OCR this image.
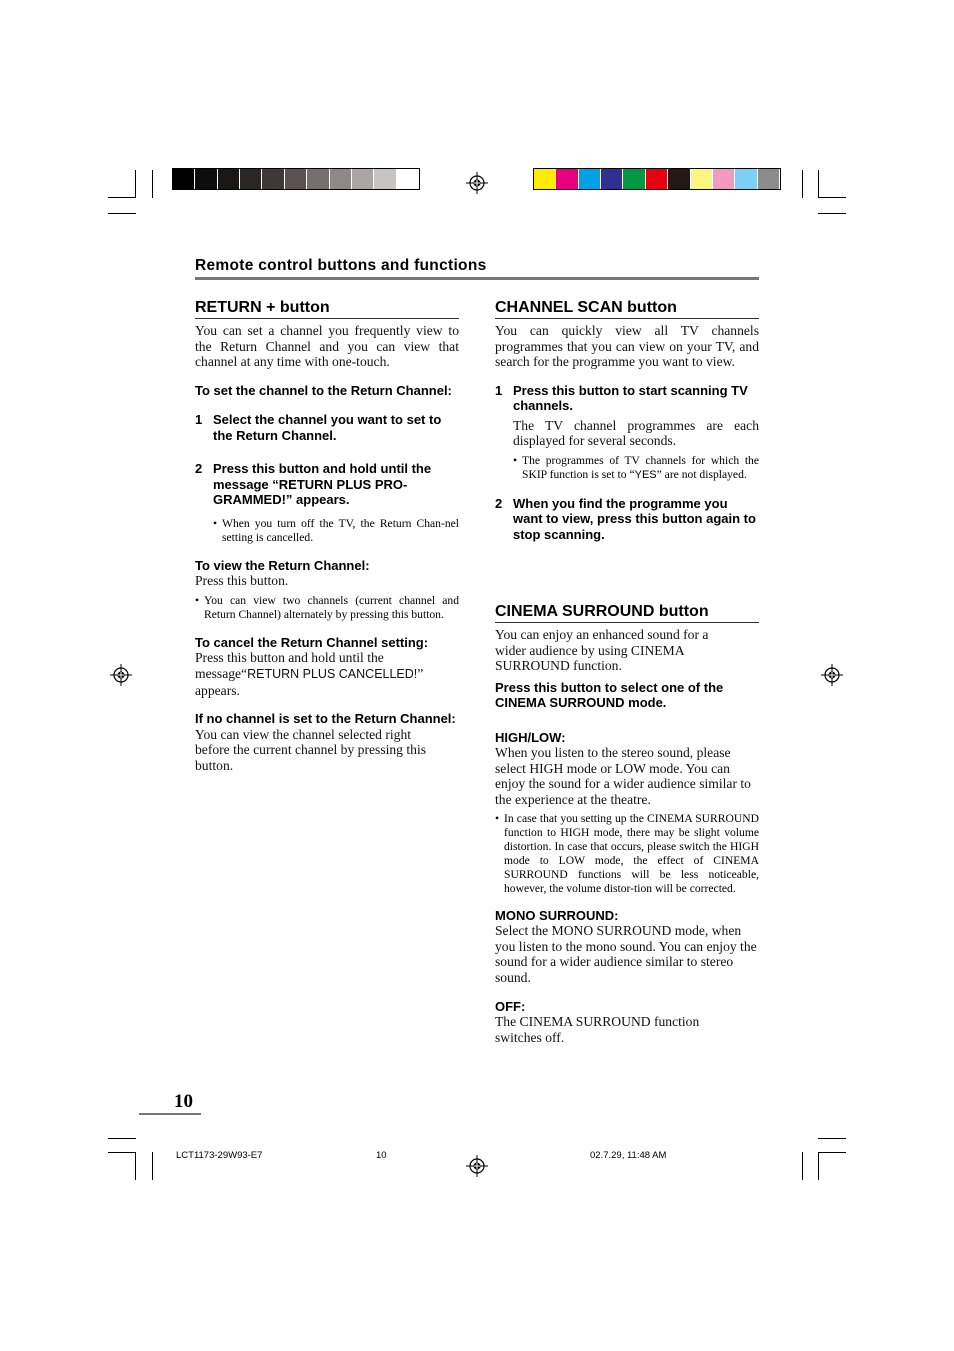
Remote control buttons and functions
RETURN + button

You can set a channel you frequently view to the Return Channel and you can view that channel at any time with one-touch.

To set the channel to the Return Channel:

1 Select the channel you want to set to the Return Channel.
2 Press this button and hold until the message “RETURN PLUS PRO-GRAMMED!” appears.
• When you turn off the TV, the Return Chan-nel setting is cancelled.

To view the Return Channel:

Press this button.

• You can view two channels (current channel and Return Channel) alternately by pressing this button.

To cancel the Return Channel setting:

Press this button and hold until the message“RETURN PLUS CANCELLED!” appears.

If no channel is set to the Return Channel:

You can view the channel selected right before the current channel by pressing this button.

CHANNEL SCAN button

You can quickly view all TV channels programmes that you can view on your TV, and search for the programme you want to view.

1 Press this button to start scanning TV channels.

The TV channel programmes are each displayed for several seconds.

• The programmes of TV channels for which the SKIP function is set to “YES” are not displayed.
2 When you find the programme you want to view, press this button again to stop scanning.
CINEMA SURROUND button

You can enjoy an enhanced sound for a wider audience by using CINEMA SURROUND function.

Press this button to select one of the CINEMA SURROUND mode.

HIGH/LOW:

When you listen to the stereo sound, please select HIGH mode or LOW mode. You can enjoy the sound for a wider audience similar to the experience at the theatre.

• In case that you setting up the CINEMA SURROUND function to HIGH mode, there may be slight volume distortion. In case that occurs, please switch the HIGH mode to LOW mode, the effect of CINEMA SURROUND functions will be less noticeable, however, the volume distor-tion will be corrected.

MONO SURROUND:

Select the MONO SURROUND mode, when you listen to the mono sound. You can enjoy the sound for a wider audience similar to stereo sound.

OFF:

The CINEMA SURROUND function switches off.

10
LCT1173-29W93-E7	10	02.7.29, 11:48 AM
